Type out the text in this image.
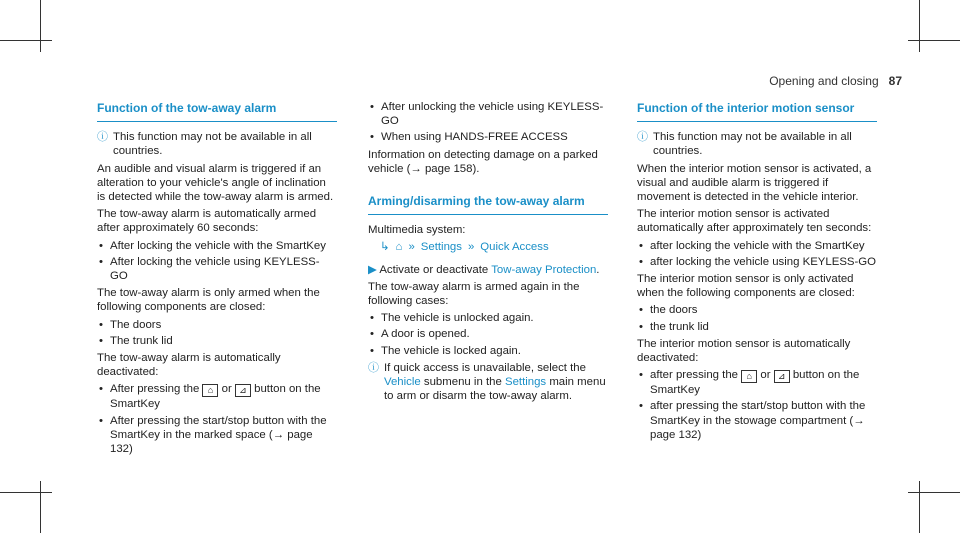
Opening and closing 87
Function of the tow-away alarm
ⓘ This function may not be available in all countries.

An audible and visual alarm is triggered if an alteration to your vehicle's angle of inclination is detected while the tow-away alarm is armed.

The tow-away alarm is automatically armed after approximately 60 seconds:

• After locking the vehicle with the SmartKey
• After locking the vehicle using KEYLESS-GO

The tow-away alarm is only armed when the following components are closed:

• The doors
• The trunk lid

The tow-away alarm is automatically deactivated:

• After pressing the ⌂ or ⊿ button on the SmartKey
• After pressing the start/stop button with the SmartKey in the marked space (→ page 132)
• After unlocking the vehicle using KEYLESS-GO
• When using HANDS-FREE ACCESS

Information on detecting damage on a parked vehicle (→ page 158).

Arming/disarming the tow-away alarm

Multimedia system:

↳ ⌂ » Settings » Quick Access

▶ Activate or deactivate Tow-away Protection.

The tow-away alarm is armed again in the following cases:

• The vehicle is unlocked again.
• A door is opened.
• The vehicle is locked again.
ⓘ If quick access is unavailable, select the Vehicle submenu in the Settings main menu to arm or disarm the tow-away alarm.
Function of the interior motion sensor
ⓘ This function may not be available in all countries.

When the interior motion sensor is activated, a visual and audible alarm is triggered if movement is detected in the vehicle interior.

The interior motion sensor is activated automatically after approximately ten seconds:

• after locking the vehicle with the SmartKey
• after locking the vehicle using KEYLESS-GO

The interior motion sensor is only activated when the following components are closed:

• the doors
• the trunk lid

The interior motion sensor is automatically deactivated:

• after pressing the ⌂ or ⊿ button on the SmartKey
• after pressing the start/stop button with the SmartKey in the stowage compartment (→ page 132)
